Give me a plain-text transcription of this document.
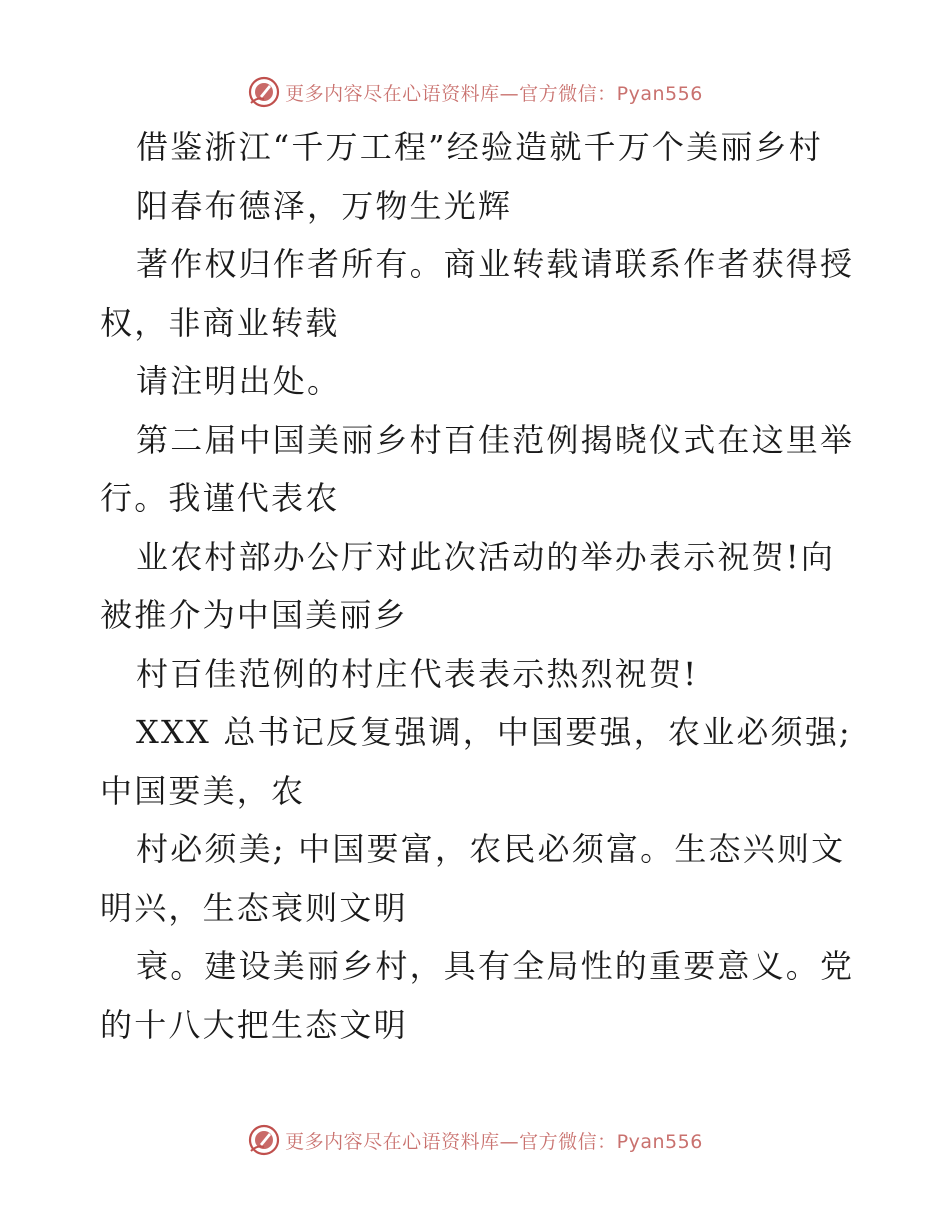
更多内容尽在心语资料库—官方微信：Pyan556
借鉴浙江“千万工程”经验造就千万个美丽乡村
阳春布德泽，万物生光辉
著作权归作者所有。商业转载请联系作者获得授
权，非商业转载
请注明出处。
第二届中国美丽乡村百佳范例揭晓仪式在这里举
行。我谨代表农
业农村部办公厅对此次活动的举办表示祝贺!向
被推介为中国美丽乡
村百佳范例的村庄代表表示热烈祝贺!
XXX 总书记反复强调，中国要强，农业必须强;
中国要美，农
村必须美; 中国要富，农民必须富。生态兴则文
明兴，生态衰则文明
衰。建设美丽乡村，具有全局性的重要意义。党
的十八大把生态文明
更多内容尽在心语资料库—官方微信：Pyan556
